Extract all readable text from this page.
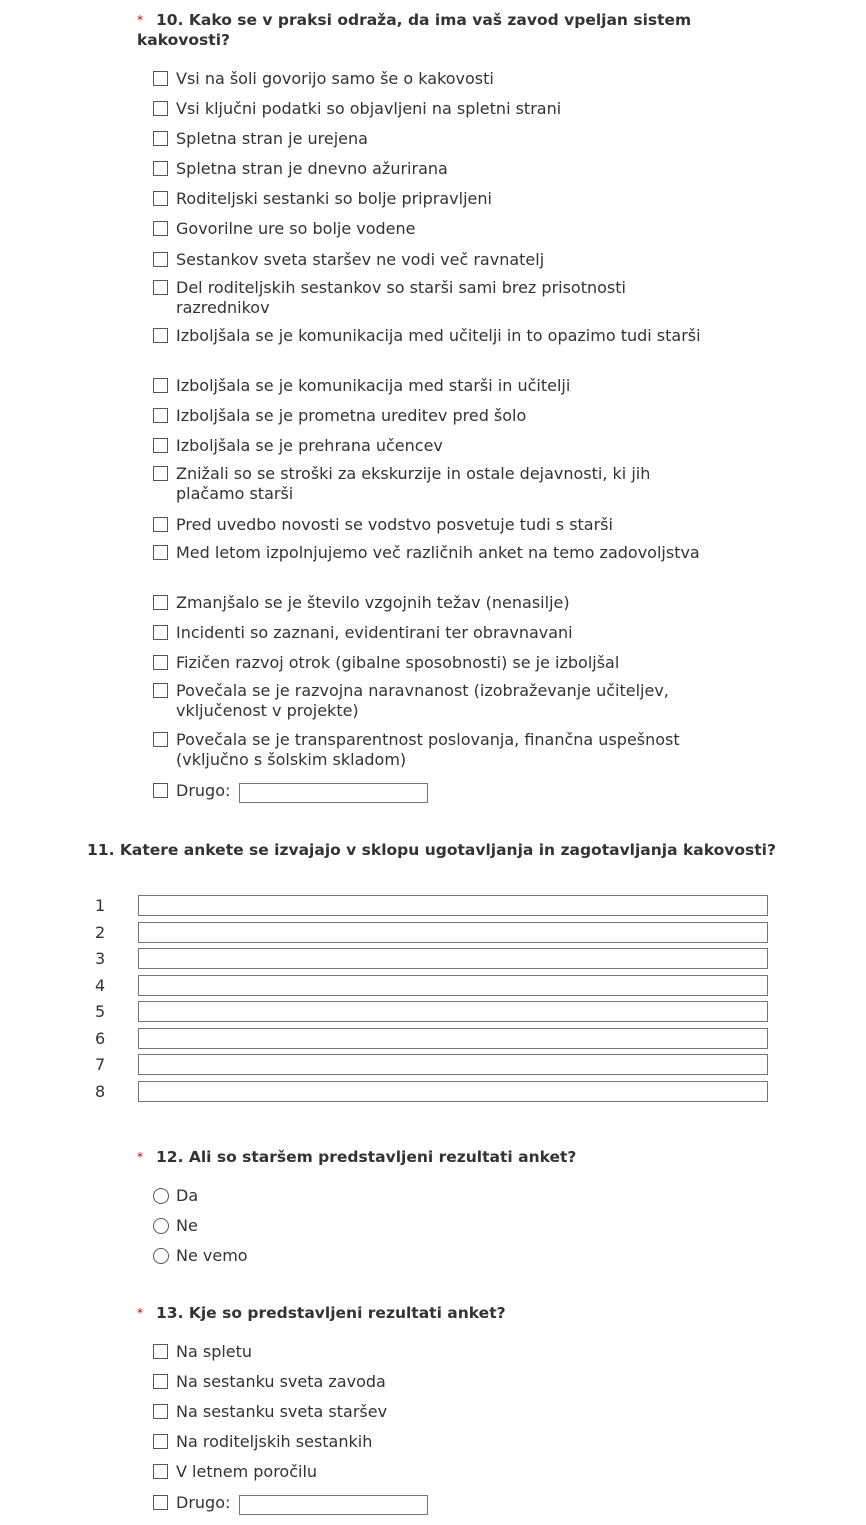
* 10. Kako se v praksi odraža, da ima vaš zavod vpeljan sistem kakovosti?
Vsi na šoli govorijo samo še o kakovosti
Vsi ključni podatki so objavljeni na spletni strani
Spletna stran je urejena
Spletna stran je dnevno ažurirana
Roditeljski sestanki so bolje pripravljeni
Govorilne ure so bolje vodene
Sestankov sveta staršev ne vodi več ravnatelj
Del roditeljskih sestankov so starši sami brez prisotnosti razrednikov
Izboljšala se je komunikacija med učitelji in to opazimo tudi starši
Izboljšala se je komunikacija med starši in učitelji
Izboljšala se je prometna ureditev pred šolo
Izboljšala se je prehrana učencev
Znižali so se stroški za ekskurzije in ostale dejavnosti, ki jih plačamo starši
Pred uvedbo novosti se vodstvo posvetuje tudi s starši
Med letom izpolnjujemo več različnih anket na temo zadovoljstva
Zmanjšalo se je število vzgojnih težav (nenasilje)
Incidenti so zaznani, evidentirani ter obravnavani
Fizičen razvoj otrok (gibalne sposobnosti) se je izboljšal
Povečala se je razvojna naravnanost (izobraževanje učiteljev, vključenost v projekte)
Povečala se je transparentnost poslovanja, finančna uspešnost (vključno s šolskim skladom)
Drugo:
11. Katere ankete se izvajajo v sklopu ugotavljanja in zagotavljanja kakovosti?
1
2
3
4
5
6
7
8
* 12. Ali so staršem predstavljeni rezultati anket?
Da
Ne
Ne vemo
* 13. Kje so predstavljeni rezultati anket?
Na spletu
Na sestanku sveta zavoda
Na sestanku sveta staršev
Na roditeljskih sestankih
V letnem poročilu
Drugo:
